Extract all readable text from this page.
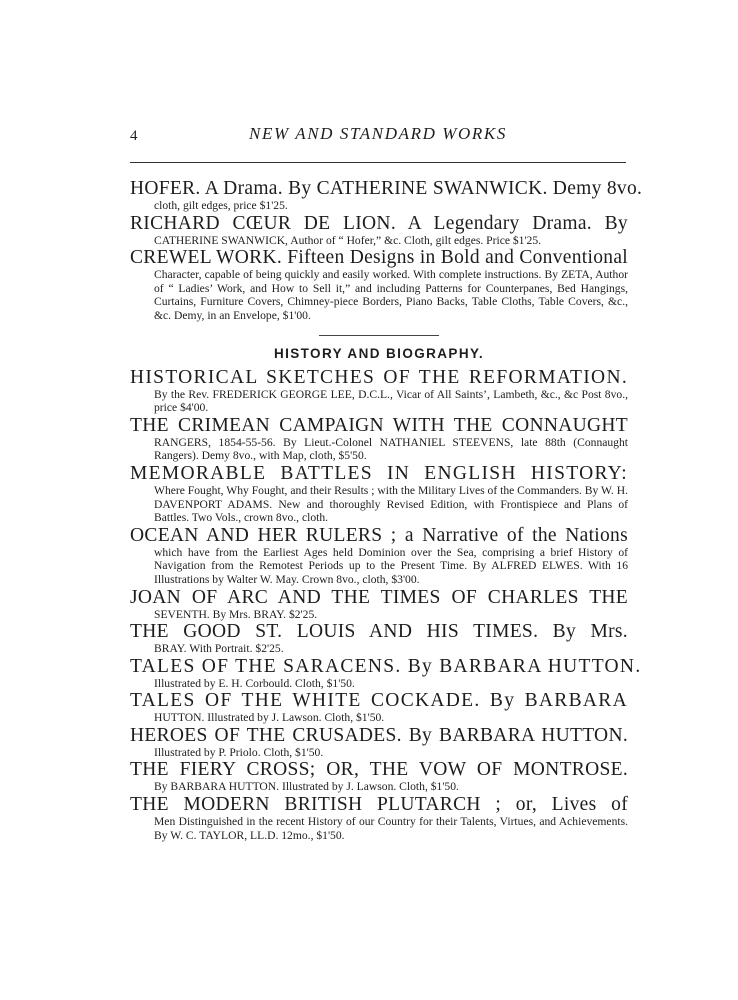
4	NEW AND STANDARD WORKS
HOFER. A Drama. By CATHERINE SWANWICK. Demy 8vo.
cloth, gilt edges, price $1'25.
RICHARD CŒUR DE LION. A Legendary Drama. By
CATHERINE SWANWICK, Author of “ Hofer,” &c. Cloth, gilt edges. Price $1'25.
CREWEL WORK. Fifteen Designs in Bold and Conventional
Character, capable of being quickly and easily worked. With complete instructions. By ZETA, Author of “ Ladies’ Work, and How to Sell it,” and including Patterns for Counterpanes, Bed Hangings, Curtains, Furniture Covers, Chimney-piece Borders, Piano Backs, Table Cloths, Table Covers, &c., &c. Demy, in an Envelope, $1'00.
HISTORY AND BIOGRAPHY.
HISTORICAL SKETCHES OF THE REFORMATION.
By the Rev. FREDERICK GEORGE LEE, D.C.L., Vicar of All Saints’, Lambeth, &c., &c Post 8vo., price $4'00.
THE CRIMEAN CAMPAIGN WITH THE CONNAUGHT
RANGERS, 1854-55-56. By Lieut.-Colonel NATHANIEL STEEVENS, late 88th (Connaught Rangers). Demy 8vo., with Map, cloth, $5'50.
MEMORABLE BATTLES IN ENGLISH HISTORY:
Where Fought, Why Fought, and their Results ; with the Military Lives of the Commanders. By W. H. DAVENPORT ADAMS. New and thoroughly Revised Edition, with Frontispiece and Plans of Battles. Two Vols., crown 8vo., cloth.
OCEAN AND HER RULERS ; a Narrative of the Nations
which have from the Earliest Ages held Dominion over the Sea, comprising a brief History of Navigation from the Remotest Periods up to the Present Time. By ALFRED ELWES. With 16 Illustrations by Walter W. May. Crown 8vo., cloth, $3'00.
JOAN OF ARC AND THE TIMES OF CHARLES THE
SEVENTH. By Mrs. BRAY. $2'25.
THE GOOD ST. LOUIS AND HIS TIMES. By Mrs.
BRAY. With Portrait. $2'25.
TALES OF THE SARACENS. By BARBARA HUTTON.
Illustrated by E. H. Corbould. Cloth, $1'50.
TALES OF THE WHITE COCKADE. By BARBARA
HUTTON. Illustrated by J. Lawson. Cloth, $1'50.
HEROES OF THE CRUSADES. By BARBARA HUTTON.
Illustrated by P. Priolo. Cloth, $1'50.
THE FIERY CROSS; OR, THE VOW OF MONTROSE.
By BARBARA HUTTON. Illustrated by J. Lawson. Cloth, $1'50.
THE MODERN BRITISH PLUTARCH ; or, Lives of
Men Distinguished in the recent History of our Country for their Talents, Virtues, and Achievements. By W. C. TAYLOR, LL.D. 12mo., $1'50.
